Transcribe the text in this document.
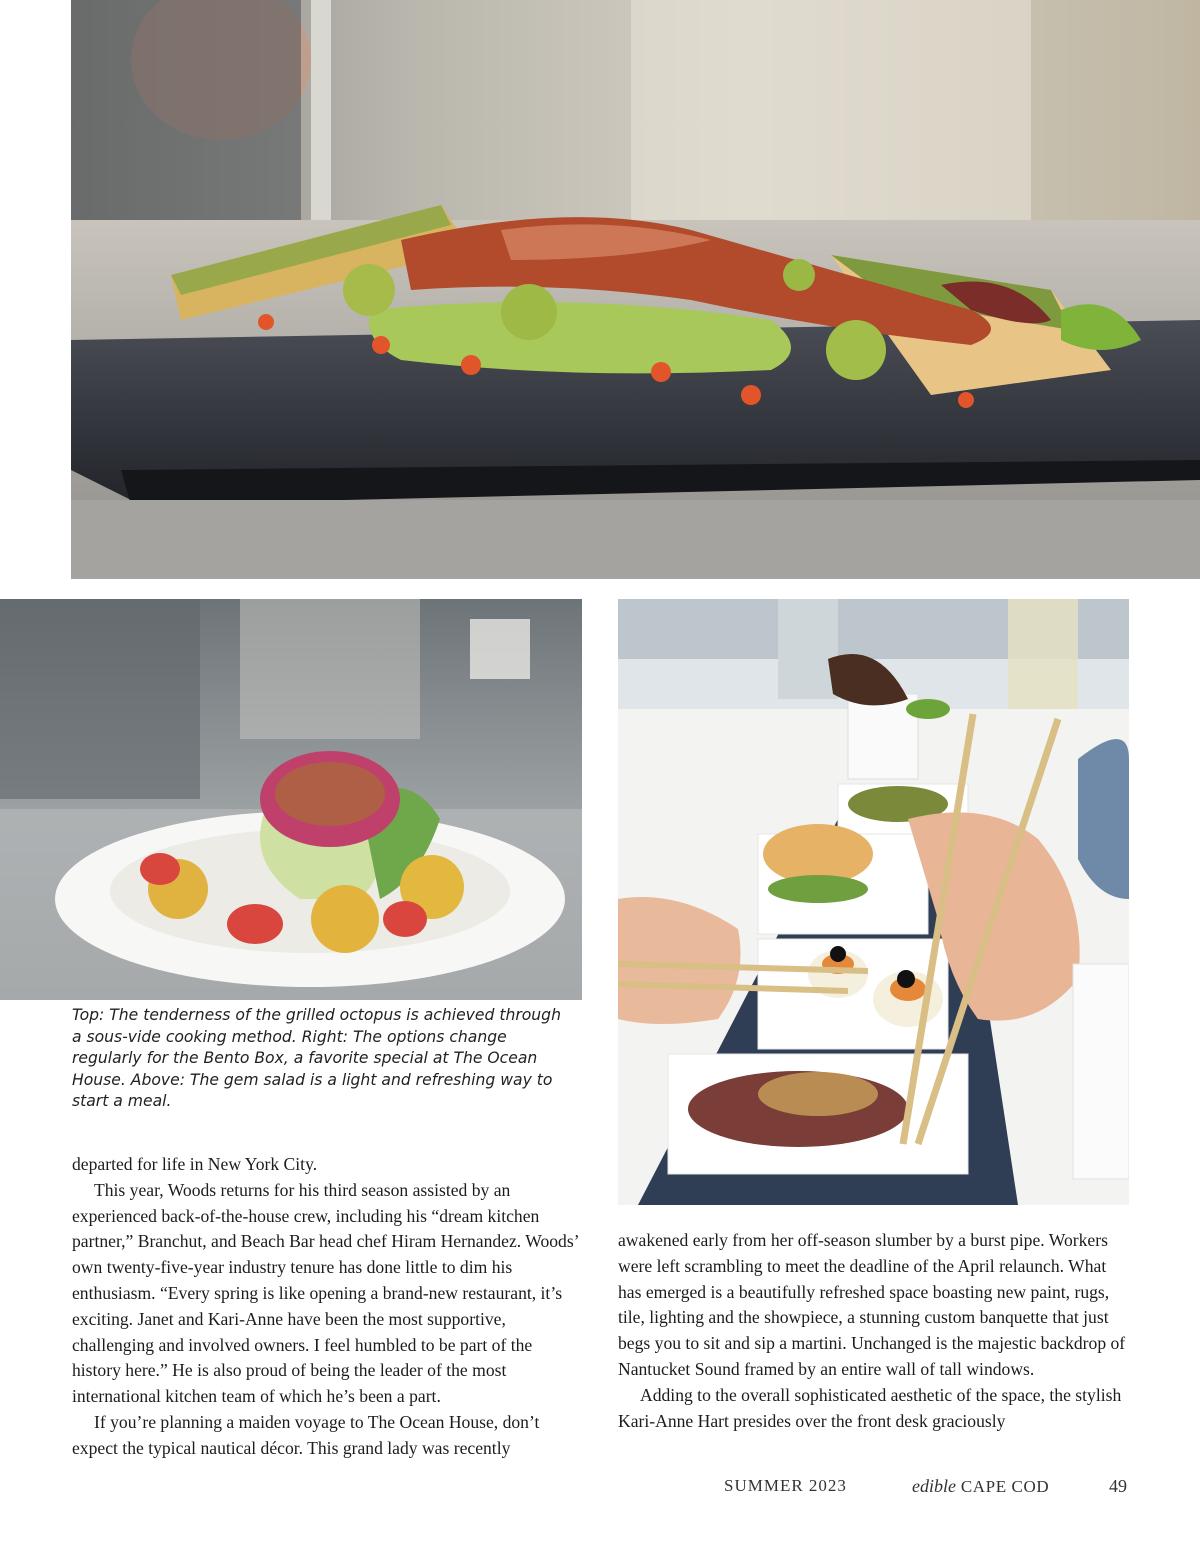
Top: The tenderness of the grilled octopus is achieved through a sous-vide cooking method. Right: The options change regularly for the Bento Box, a favorite special at The Ocean House. Above: The gem salad is a light and refreshing way to start a meal.

departed for life in New York City.

This year, Woods returns for his third season assisted by an experienced back-of-the-house crew, including his “dream kitchen partner,” Branchut, and Beach Bar head chef Hiram Hernandez. Woods’ own twenty-five-year industry tenure has done little to dim his enthusiasm. “Every spring is like opening a brand-new restaurant, it’s exciting. Janet and Kari-Anne have been the most supportive, challenging and involved owners. I feel humbled to be part of the history here.” He is also proud of being the leader of the most international kitchen team of which he’s been a part.

If you’re planning a maiden voyage to The Ocean House, don’t expect the typical nautical décor. This grand lady was recently

awakened early from her off-season slumber by a burst pipe. Workers were left scrambling to meet the deadline of the April relaunch. What has emerged is a beautifully refreshed space boasting new paint, rugs, tile, lighting and the showpiece, a stunning custom banquette that just begs you to sit and sip a martini. Unchanged is the majestic backdrop of Nantucket Sound framed by an entire wall of tall windows.

Adding to the overall sophisticated aesthetic of the space, the stylish Kari-Anne Hart presides over the front desk graciously

SUMMER 2023	edible CAPE COD	49
